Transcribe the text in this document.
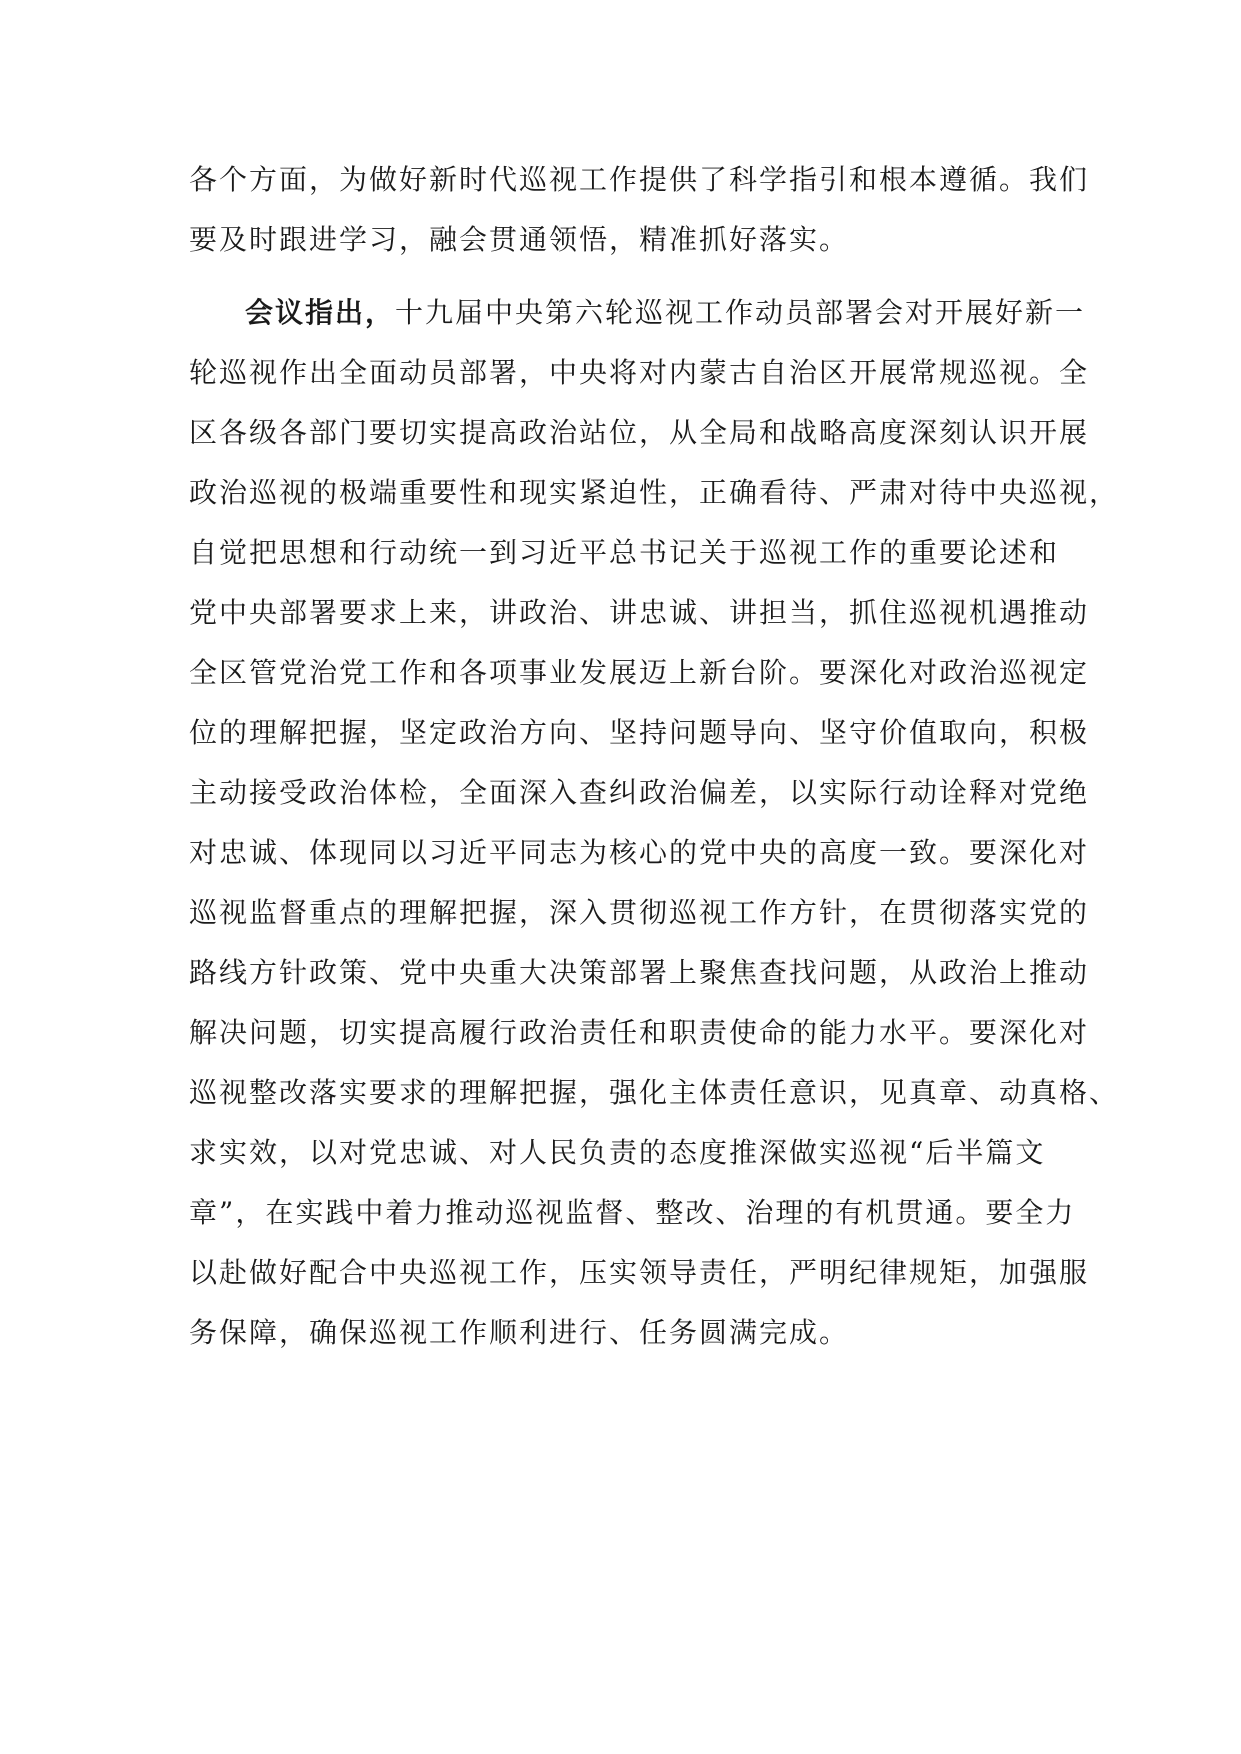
各个方面，为做好新时代巡视工作提供了科学指引和根本遵循。我们
要及时跟进学习，融会贯通领悟，精准抓好落实。
会议指出，十九届中央第六轮巡视工作动员部署会对开展好新一
轮巡视作出全面动员部署，中央将对内蒙古自治区开展常规巡视。全
区各级各部门要切实提高政治站位，从全局和战略高度深刻认识开展
政治巡视的极端重要性和现实紧迫性，正确看待、严肃对待中央巡视，
自觉把思想和行动统一到习近平总书记关于巡视工作的重要论述和
党中央部署要求上来，讲政治、讲忠诚、讲担当，抓住巡视机遇推动
全区管党治党工作和各项事业发展迈上新台阶。要深化对政治巡视定
位的理解把握，坚定政治方向、坚持问题导向、坚守价值取向，积极
主动接受政治体检，全面深入查纠政治偏差，以实际行动诠释对党绝
对忠诚、体现同以习近平同志为核心的党中央的高度一致。要深化对
巡视监督重点的理解把握，深入贯彻巡视工作方针，在贯彻落实党的
路线方针政策、党中央重大决策部署上聚焦查找问题，从政治上推动
解决问题，切实提高履行政治责任和职责使命的能力水平。要深化对
巡视整改落实要求的理解把握，强化主体责任意识，见真章、动真格、
求实效，以对党忠诚、对人民负责的态度推深做实巡视“后半篇文
章”，在实践中着力推动巡视监督、整改、治理的有机贯通。要全力
以赴做好配合中央巡视工作，压实领导责任，严明纪律规矩，加强服
务保障，确保巡视工作顺利进行、任务圆满完成。
